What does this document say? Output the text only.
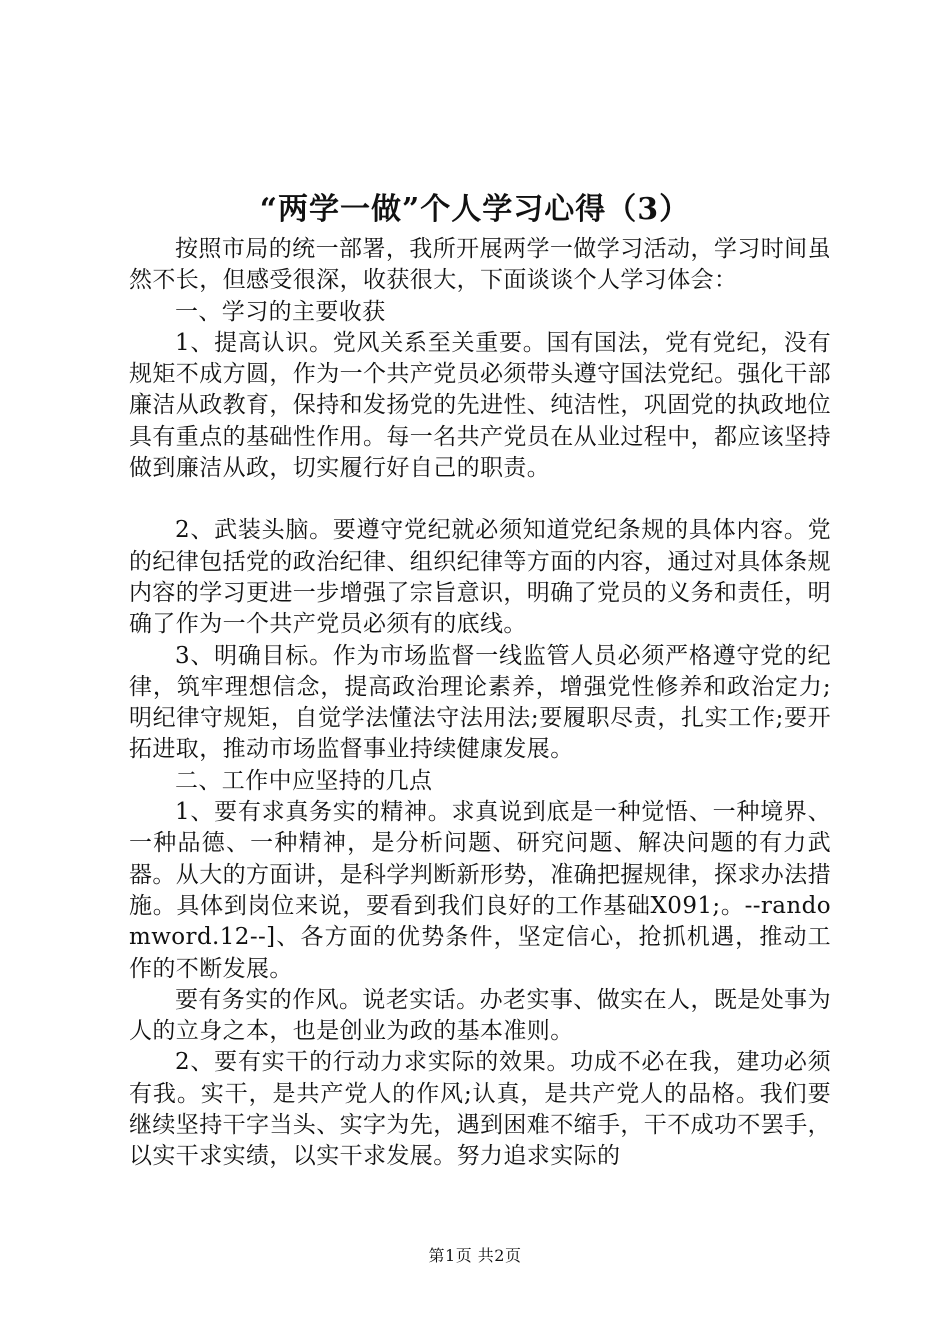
“两学一做”个人学习心得（3）

按照市局的统一部署，我所开展两学一做学习活动，学习时间虽然不长，但感受很深，收获很大，下面谈谈个人学习体会：

一、学习的主要收获

1、提高认识。党风关系至关重要。国有国法，党有党纪，没有规矩不成方圆，作为一个共产党员必须带头遵守国法党纪。强化干部廉洁从政教育，保持和发扬党的先进性、纯洁性，巩固党的执政地位具有重点的基础性作用。每一名共产党员在从业过程中，都应该坚持做到廉洁从政，切实履行好自己的职责。

2、武装头脑。要遵守党纪就必须知道党纪条规的具体内容。党的纪律包括党的政治纪律、组织纪律等方面的内容，通过对具体条规内容的学习更进一步增强了宗旨意识，明确了党员的义务和责任，明确了作为一个共产党员必须有的底线。

3、明确目标。作为市场监督一线监管人员必须严格遵守党的纪律，筑牢理想信念，提高政治理论素养，增强党性修养和政治定力;明纪律守规矩，自觉学法懂法守法用法;要履职尽责，扎实工作;要开拓进取，推动市场监督事业持续健康发展。

二、工作中应坚持的几点

1、要有求真务实的精神。求真说到底是一种觉悟、一种境界、一种品德、一种精神，是分析问题、研究问题、解决问题的有力武器。从大的方面讲，是科学判断新形势，准确把握规律，探求办法措施。具体到岗位来说，要看到我们良好的工作基础X091;。--randomword.12--]、各方面的优势条件，坚定信心，抢抓机遇，推动工作的不断发展。

要有务实的作风。说老实话。办老实事、做实在人，既是处事为人的立身之本，也是创业为政的基本准则。

2、要有实干的行动力求实际的效果。功成不必在我，建功必须有我。实干，是共产党人的作风;认真，是共产党人的品格。我们要继续坚持干字当头、实字为先，遇到困难不缩手，干不成功不罢手，以实干求实绩，以实干求发展。努力追求实际的

第1页 共2页
